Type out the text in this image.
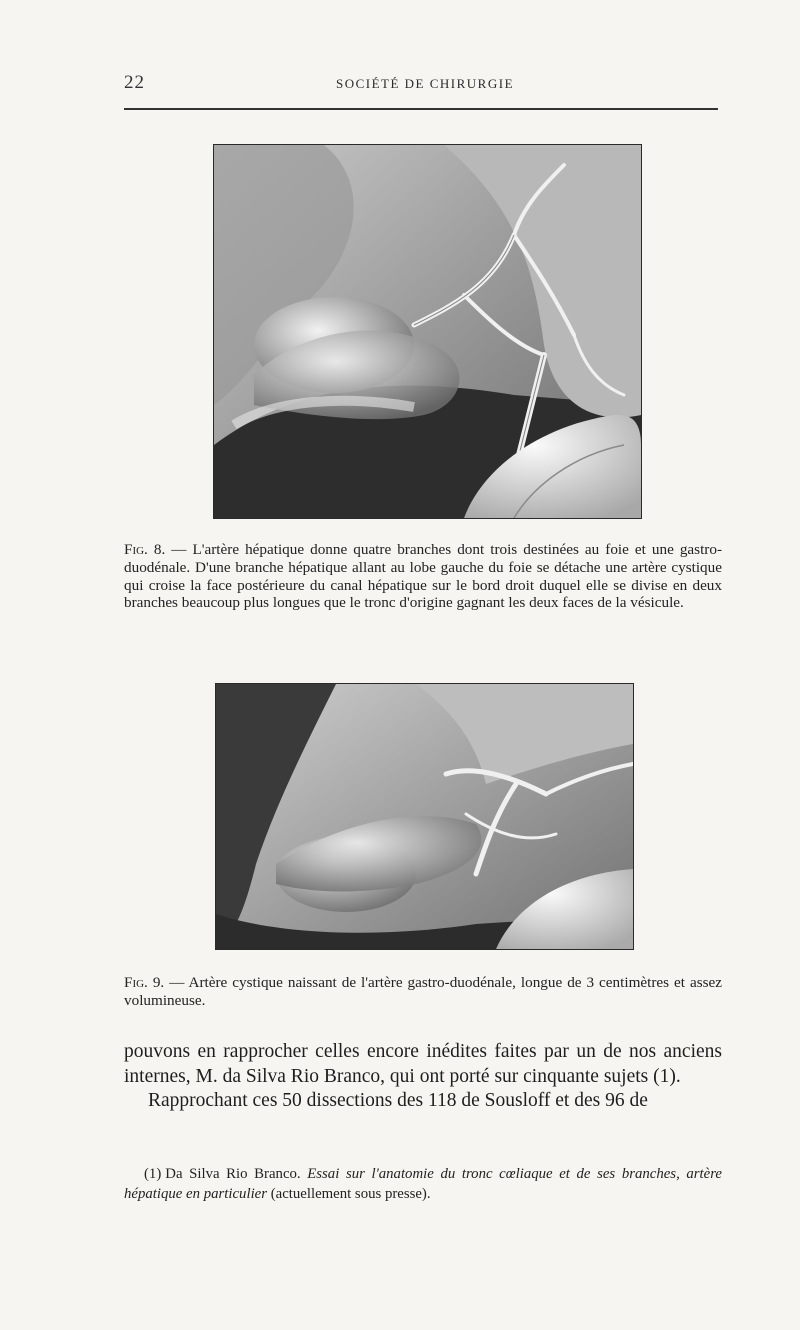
22	SOCIÉTÉ DE CHIRURGIE
Fig. 8. — L'artère hépatique donne quatre branches dont trois destinées au foie et une gastro-duodénale. D'une branche hépatique allant au lobe gauche du foie se détache une artère cystique qui croise la face postérieure du canal hépatique sur le bord droit duquel elle se divise en deux branches beaucoup plus longues que le tronc d'origine gagnant les deux faces de la vésicule.
Fig. 9. — Artère cystique naissant de l'artère gastro-duodénale, longue de 3 centimètres et assez volumineuse.

pouvons en rapprocher celles encore inédites faites par un de nos anciens internes, M. da Silva Rio Branco, qui ont porté sur cinquante sujets (1).

Rapprochant ces 50 dissections des 118 de Sousloff et des 96 de

(1) Da Silva Rio Branco. Essai sur l'anatomie du tronc cœliaque et de ses branches, artère hépatique en particulier (actuellement sous presse).
